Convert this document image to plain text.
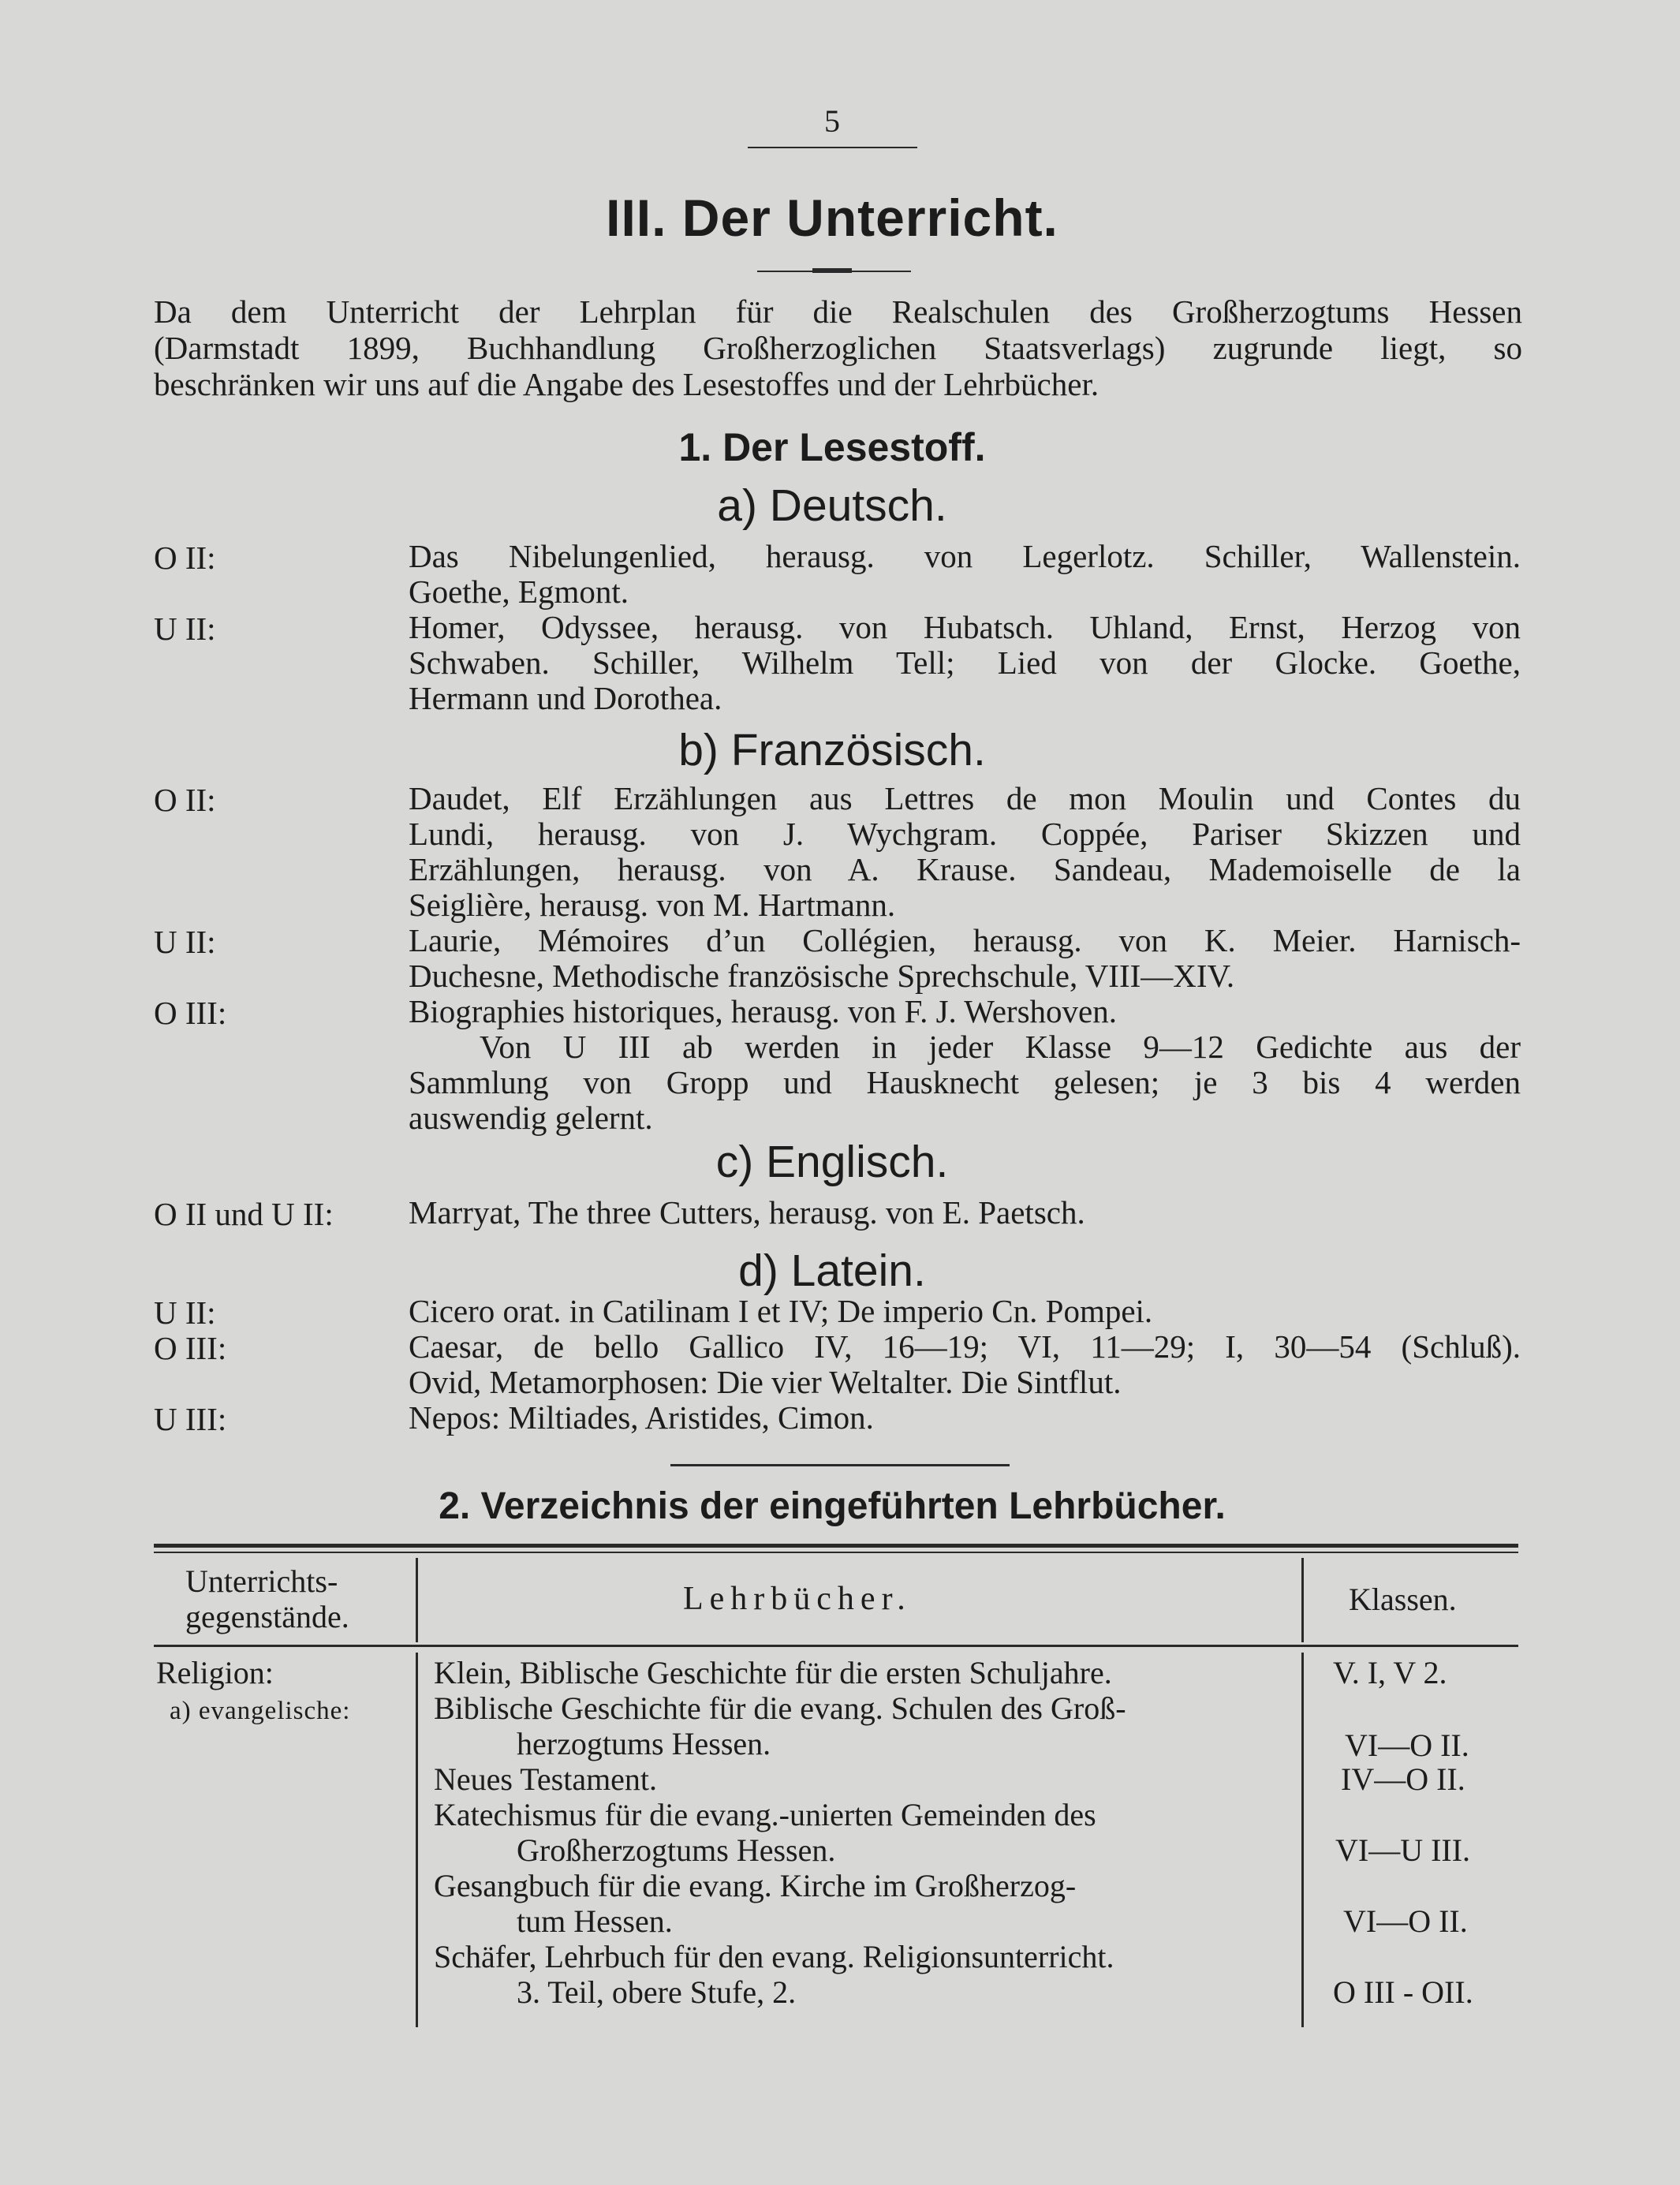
5
III. Der Unterricht.
Da dem Unterricht der Lehrplan für die Realschulen des Großherzogtums Hessen
(Darmstadt 1899, Buchhandlung Großherzoglichen Staatsverlags) zugrunde liegt, so
beschränken wir uns auf die Angabe des Lesestoffes und der Lehrbücher.
1. Der Lesestoff.
a) Deutsch.
O II:	Das Nibelungenlied, herausg. von Legerlotz. Schiller, Wallenstein.
Goethe, Egmont.
U II:	Homer, Odyssee, herausg. von Hubatsch. Uhland, Ernst, Herzog von
Schwaben. Schiller, Wilhelm Tell; Lied von der Glocke. Goethe,
Hermann und Dorothea.
b) Französisch.
O II:	Daudet, Elf Erzählungen aus Lettres de mon Moulin und Contes du
Lundi, herausg. von J. Wychgram. Coppée, Pariser Skizzen und
Erzählungen, herausg. von A. Krause. Sandeau, Mademoiselle de la
Seiglière, herausg. von M. Hartmann.
U II:	Laurie, Mémoires d’un Collégien, herausg. von K. Meier. Harnisch-
Duchesne, Methodische französische Sprechschule, VIII—XIV.
O III:	Biographies historiques, herausg. von F. J. Wershoven.
Von U III ab werden in jeder Klasse 9—12 Gedichte aus der
Sammlung von Gropp und Hausknecht gelesen; je 3 bis 4 werden
auswendig gelernt.
c) Englisch.
O II und U II: Marryat, The three Cutters, herausg. von E. Paetsch.
d) Latein.
U II:	Cicero orat. in Catilinam I et IV; De imperio Cn. Pompei.
O III:	Caesar, de bello Gallico IV, 16—19; VI, 11—29; I, 30—54 (Schluß).
Ovid, Metamorphosen: Die vier Weltalter. Die Sintflut.
U III:	Nepos: Miltiades, Aristides, Cimon.
2. Verzeichnis der eingeführten Lehrbücher.
Unterrichts-
gegenstände.	Lehrbücher.	Klassen.
Religion:
a) evangelische:
Klein, Biblische Geschichte für die ersten Schuljahre.	V. I, V 2.
Biblische Geschichte für die evang. Schulen des Groß-
herzogtums Hessen.	VI—O II.
Neues Testament.	IV—O II.
Katechismus für die evang.-unierten Gemeinden des
Großherzogtums Hessen.	VI—U III.
Gesangbuch für die evang. Kirche im Großherzog-
tum Hessen.	VI—O II.
Schäfer, Lehrbuch für den evang. Religionsunterricht.
3. Teil, obere Stufe, 2.	O III - OII.
